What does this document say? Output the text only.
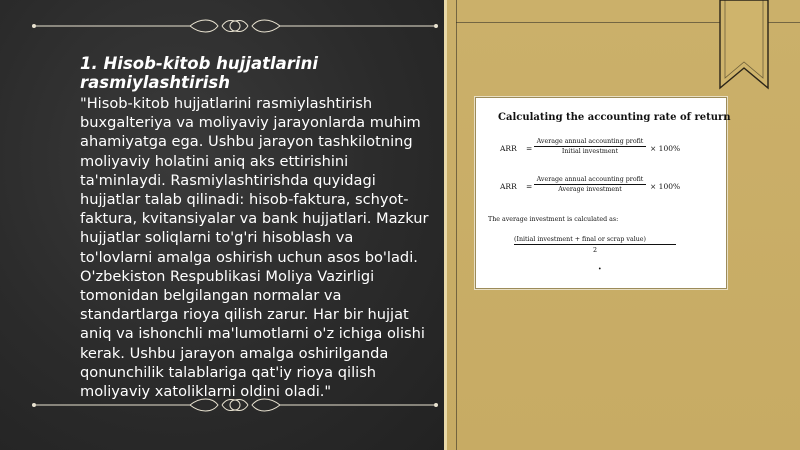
1. Hisob-kitob hujjatlarini rasmiylashtirish

"Hisob-kitob hujjatlarini rasmiylashtirish buxgalteriya va moliyaviy jarayonlarda muhim ahamiyatga ega. Ushbu jarayon tashkilotning moliyaviy holatini aniq aks ettirishini ta'minlaydi. Rasmiylashtirishda quyidagi hujjatlar talab qilinadi: hisob-faktura, schyot-faktura, kvitansiyalar va bank hujjatlari. Mazkur hujjatlar soliqlarni to'g'ri hisoblash va to'lovlarni amalga oshirish uchun asos bo'ladi. O'zbekiston Respublikasi Moliya Vazirligi tomonidan belgilangan normalar va standartlarga rioya qilish zarur. Har bir hujjat aniq va ishonchli ma'lumotlarni o'z ichiga olishi kerak. Ushbu jarayon amalga oshirilganda qonunchilik talablariga qat'iy rioya qilish moliyaviy xatoliklarni oldini oladi."

Calculating the accounting rate of return
ARR =
Average annual accounting profit
Initial investment	× 100%
ARR =
Average annual accounting profit
Average investment	× 100%
The average investment is calculated as:
(Initial investment + final or scrap value)
2
•
